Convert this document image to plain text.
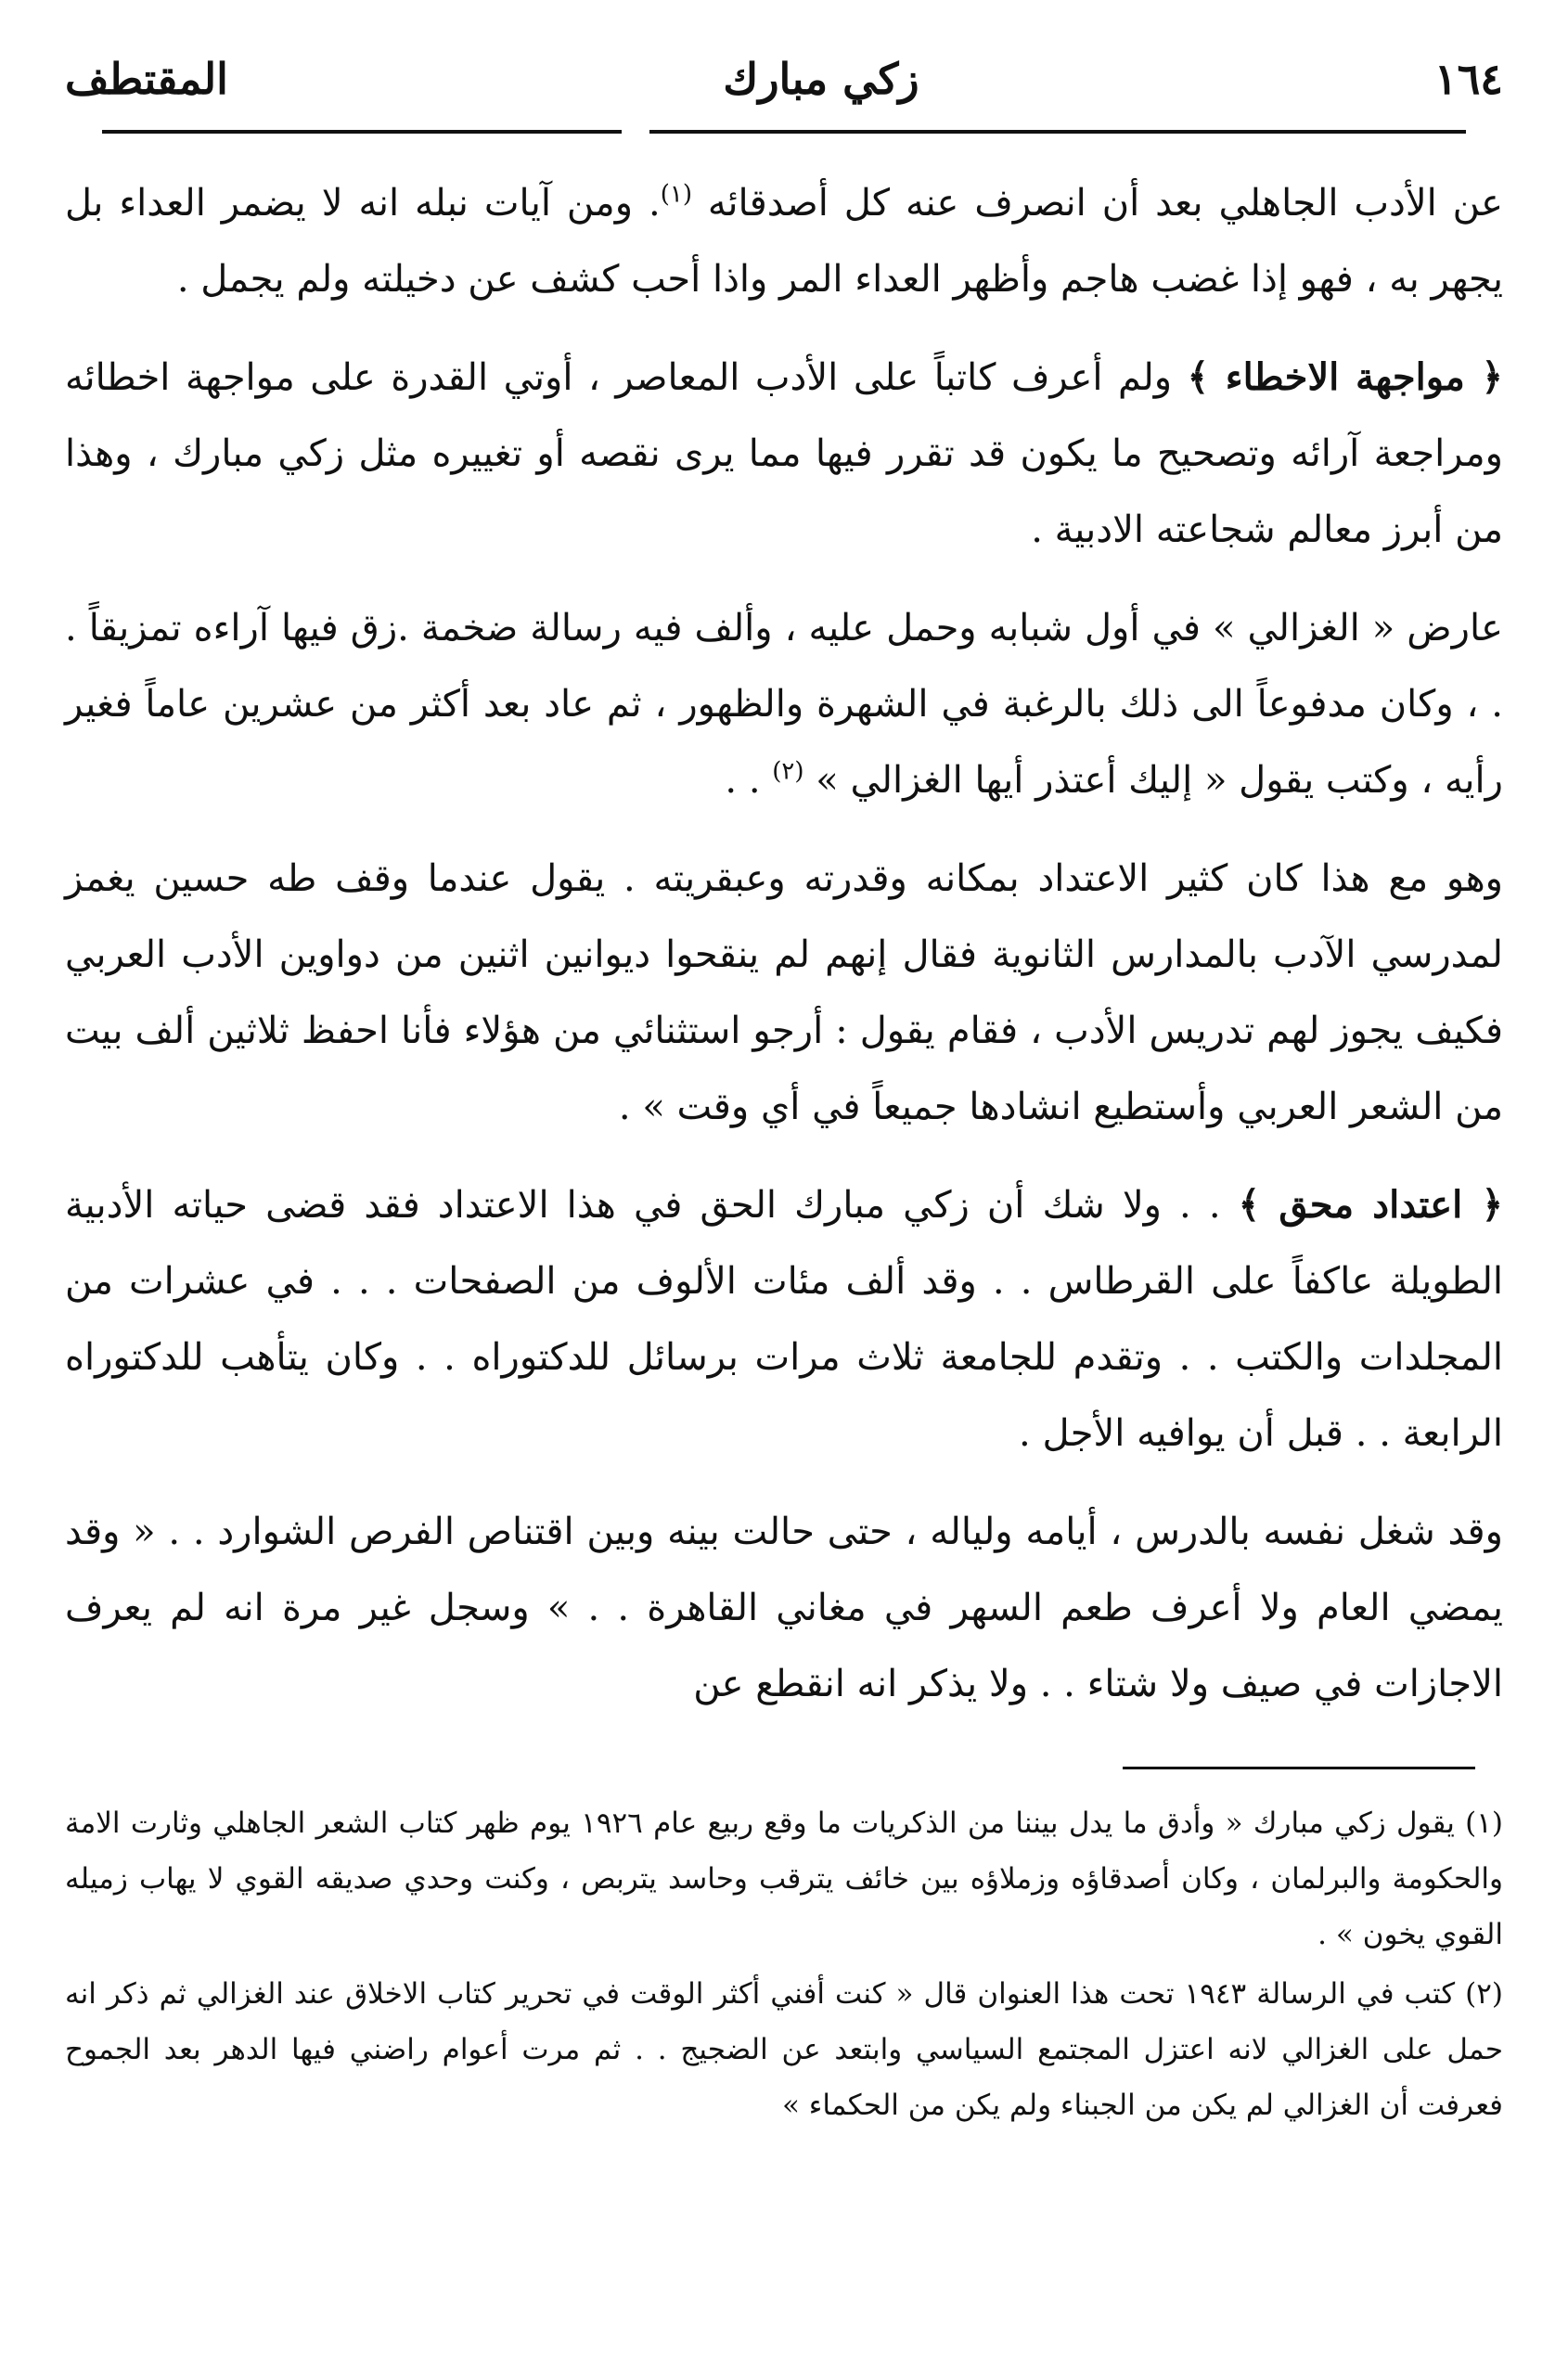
١٦٤
زكي مبارك
المقتطف

عن الأدب الجاهلي بعد أن انصرف عنه كل أصدقائه $^{(١)}$. ومن آيات نبله انه لا يضمر العداء بل يجهر به ، فهو إذا غضب هاجم وأظهر العداء المر واذا أحب كشف عن دخيلته ولم يجمل .

﴿ مواجهة الاخطاء ﴾ ولم أعرف كاتباً على الأدب المعاصر ، أوتي القدرة على مواجهة اخطائه ومراجعة آرائه وتصحيح ما يكون قد تقرر فيها مما يرى نقصه أو تغييره مثل زكي مبارك ، وهذا من أبرز معالم شجاعته الادبية .

عارض « الغزالي » في أول شبابه وحمل عليه ، وألف فيه رسالة ضخمة .زق فيها آراءه تمزيقاً . . ، وكان مدفوعاً الى ذلك بالرغبة في الشهرة والظهور ، ثم عاد بعد أكثر من عشرين عاماً فغير رأيه ، وكتب يقول « إليك أعتذر أيها الغزالي » $^{(٢)}$ . .

وهو مع هذا كان كثير الاعتداد بمكانه وقدرته وعبقريته . يقول عندما وقف طه حسين يغمز لمدرسي الآدب بالمدارس الثانوية فقال إنهم لم ينقحوا ديوانين اثنين من دواوين الأدب العربي فكيف يجوز لهم تدريس الأدب ، فقام يقول : أرجو استثنائي من هؤلاء فأنا احفظ ثلاثين ألف بيت من الشعر العربي وأستطيع انشادها جميعاً في أي وقت » .

﴿ اعتداد محق ﴾ . . ولا شك أن زكي مبارك الحق في هذا الاعتداد فقد قضى حياته الأدبية الطويلة عاكفاً على القرطاس . . وقد ألف مئات الألوف من الصفحات . . . في عشرات من المجلدات والكتب . . وتقدم للجامعة ثلاث مرات برسائل للدكتوراه . . وكان يتأهب للدكتوراه الرابعة . . قبل أن يوافيه الأجل .

وقد شغل نفسه بالدرس ، أيامه ولياله ، حتى حالت بينه وبين اقتناص الفرص الشوارد . . « وقد يمضي العام ولا أعرف طعم السهر في مغاني القاهرة . . » وسجل غير مرة انه لم يعرف الاجازات في صيف ولا شتاء . . ولا يذكر انه انقطع عن

(١) يقول زكي مبارك « وأدق ما يدل بيننا من الذكريات ما وقع ربيع عام ١٩٢٦ يوم ظهر كتاب الشعر الجاهلي وثارت الامة والحكومة والبرلمان ، وكان أصدقاؤه وزملاؤه بين خائف يترقب وحاسد يتربص ، وكنت وحدي صديقه القوي لا يهاب زميله القوي يخون » .

(٢) كتب في الرسالة ١٩٤٣ تحت هذا العنوان قال « كنت أفني أكثر الوقت في تحرير كتاب الاخلاق عند الغزالي ثم ذكر انه حمل على الغزالي لانه اعتزل المجتمع السياسي وابتعد عن الضجيج . . ثم مرت أعوام راضني فيها الدهر بعد الجموح فعرفت أن الغزالي لم يكن من الجبناء ولم يكن من الحكماء »
